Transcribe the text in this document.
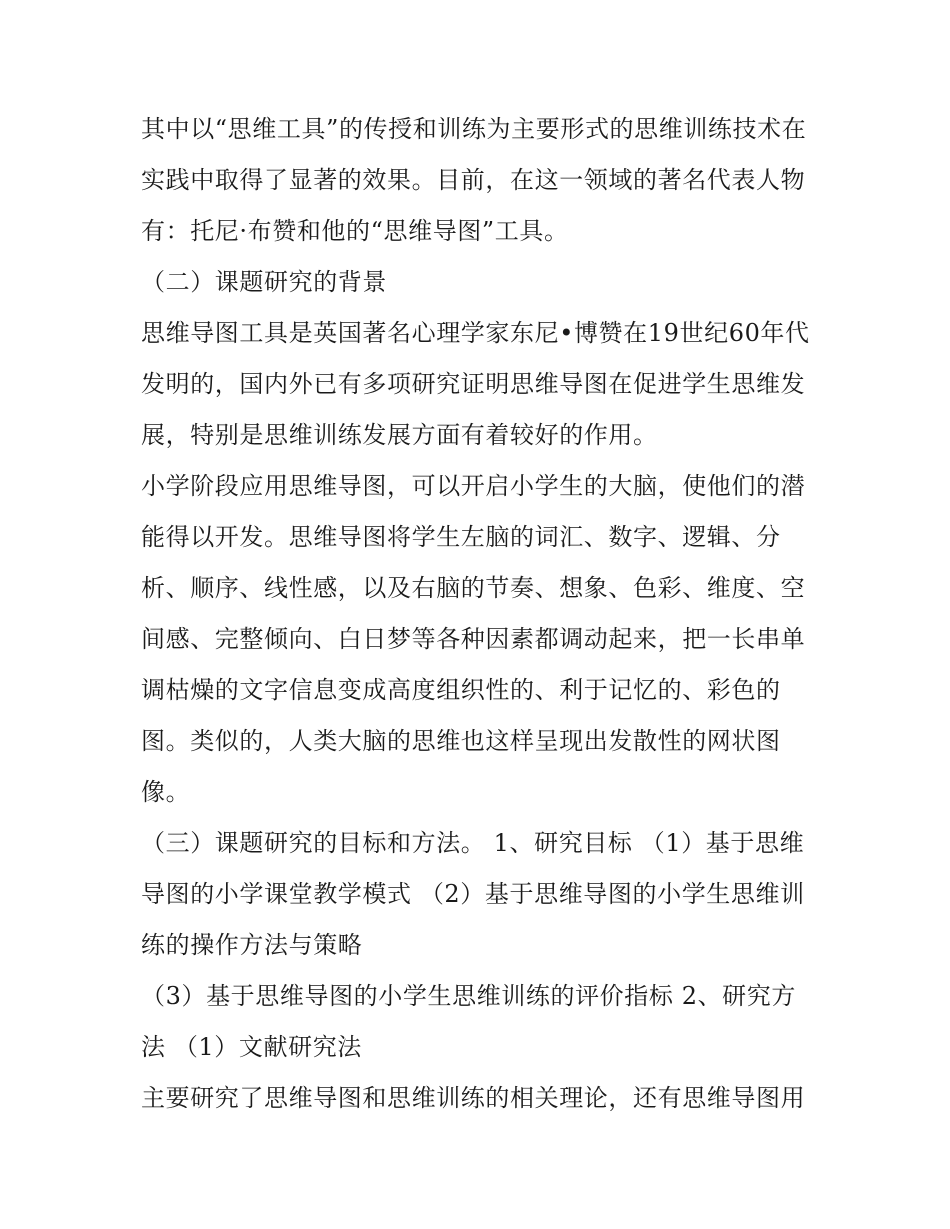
其中以“思维工具”的传授和训练为主要形式的思维训练技术在
实践中取得了显著的效果。目前，在这一领域的著名代表人物
有：托尼·布赞和他的“思维导图”工具。
（二）课题研究的背景
思维导图工具是英国著名心理学家东尼•博赞在19世纪60年代
发明的，国内外已有多项研究证明思维导图在促进学生思维发
展，特别是思维训练发展方面有着较好的作用。
小学阶段应用思维导图，可以开启小学生的大脑，使他们的潜
能得以开发。思维导图将学生左脑的词汇、数字、逻辑、分
析、顺序、线性感，以及右脑的节奏、想象、色彩、维度、空
间感、完整倾向、白日梦等各种因素都调动起来，把一长串单
调枯燥的文字信息变成高度组织性的、利于记忆的、彩色的
图。类似的，人类大脑的思维也这样呈现出发散性的网状图
像。
（三）课题研究的目标和方法。 1、研究目标 （1）基于思维
导图的小学课堂教学模式 （2）基于思维导图的小学生思维训
练的操作方法与策略
（3）基于思维导图的小学生思维训练的评价指标 2、研究方
法 （1）文献研究法
主要研究了思维导图和思维训练的相关理论，还有思维导图用
